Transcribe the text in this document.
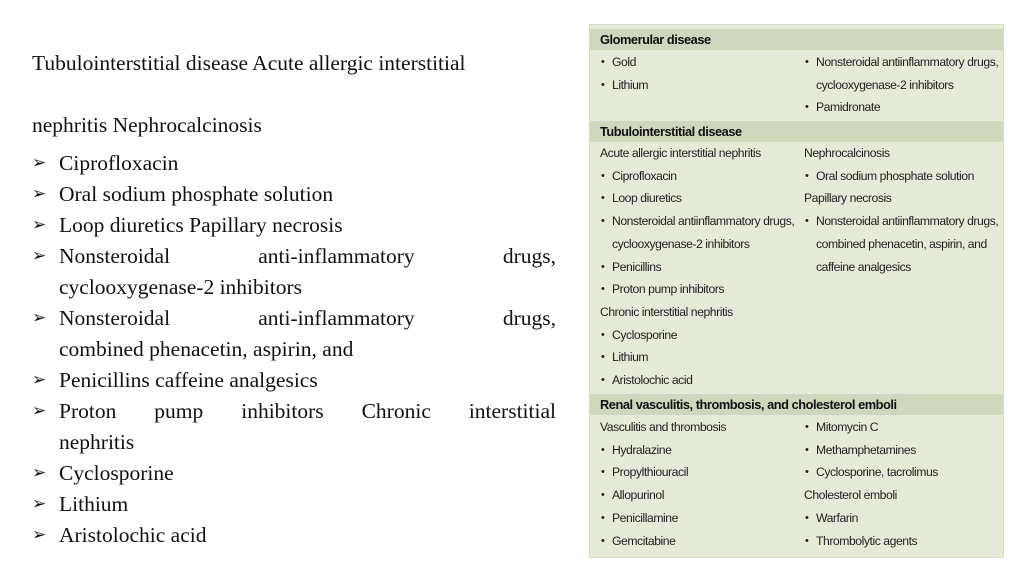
Tubulointerstitial disease Acute allergic interstitial

nephritis Nephrocalcinosis

➢ Ciprofloxacin
➢ Oral sodium phosphate solution
➢ Loop diuretics Papillary necrosis
➢ Nonsteroidal anti-inflammatory drugs,
cyclooxygenase-2 inhibitors
➢ Nonsteroidal anti-inflammatory drugs,
combined phenacetin, aspirin, and
➢ Penicillins caffeine analgesics
➢ Proton pump inhibitors Chronic interstitial
nephritis
➢ Cyclosporine
➢ Lithium
➢ Aristolochic acid
Glomerular disease
• Gold
• Lithium
• Nonsteroidal antiinflammatory drugs,
cyclooxygenase-2 inhibitors
• Pamidronate
Tubulointerstitial disease
Acute allergic interstitial nephritis
• Ciprofloxacin
• Loop diuretics
• Nonsteroidal antiinflammatory drugs,
cyclooxygenase-2 inhibitors
• Penicillins
• Proton pump inhibitors
Chronic interstitial nephritis
• Cyclosporine
• Lithium
• Aristolochic acid
Nephrocalcinosis
• Oral sodium phosphate solution
Papillary necrosis
• Nonsteroidal antiinflammatory drugs,
combined phenacetin, aspirin, and
caffeine analgesics
Renal vasculitis, thrombosis, and cholesterol emboli
Vasculitis and thrombosis
• Hydralazine
• Propylthiouracil
• Allopurinol
• Penicillamine
• Gemcitabine
• Mitomycin C
• Methamphetamines
• Cyclosporine, tacrolimus
Cholesterol emboli
• Warfarin
• Thrombolytic agents
